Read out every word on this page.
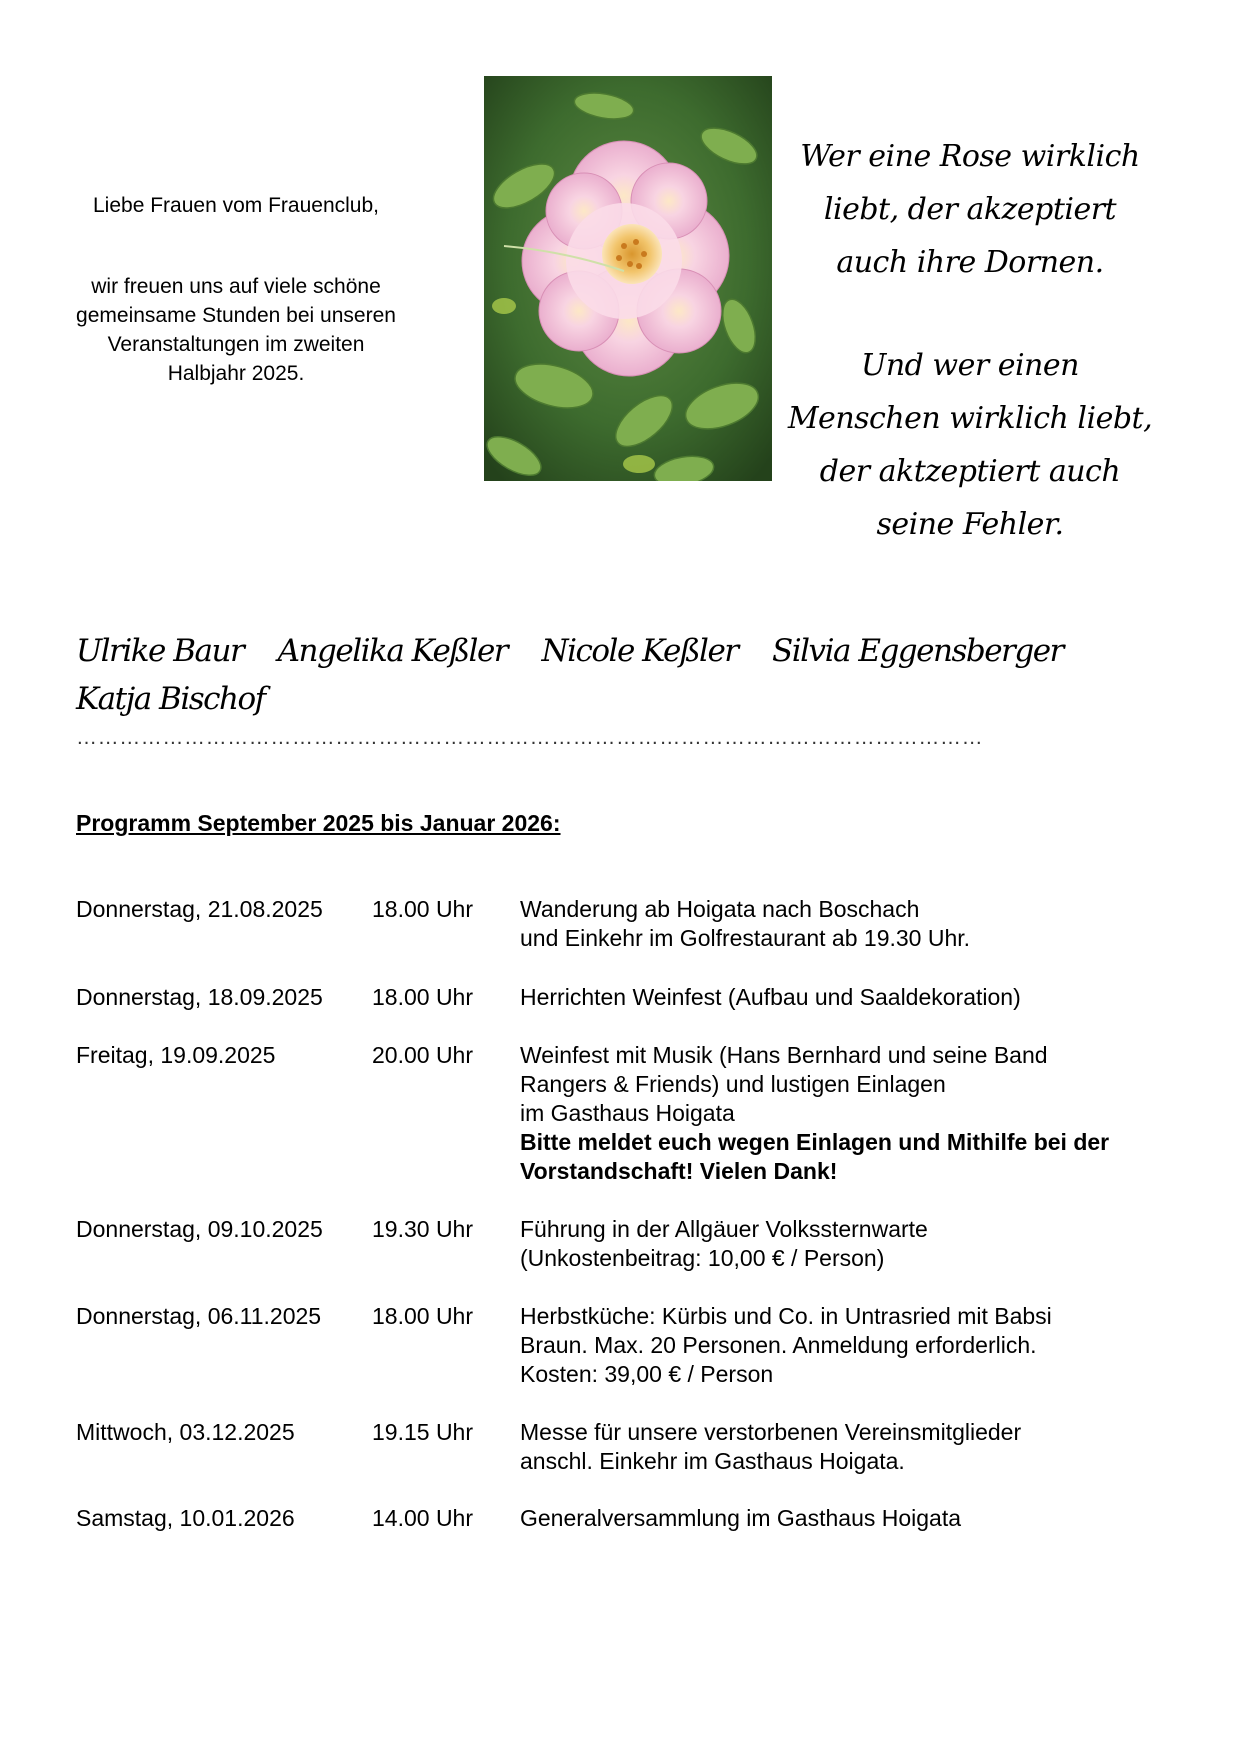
Liebe Frauen vom Frauenclub,

wir freuen uns auf viele schöne

gemeinsame Stunden bei unseren

Veranstaltungen im zweiten

Halbjahr 2025.

Wer eine Rose wirklich

liebt, der akzeptiert

auch ihre Dornen.

Und wer einen

Menschen wirklich liebt,

der aktzeptiert auch

seine Fehler.

Ulrike Baur Angelika Keßler Nicole Keßler Silvia Eggensberger Katja Bischof
………………………………………………………………………………………………………………
Programm September 2025 bis Januar 2026:
Donnerstag, 21.08.2025	18.00 Uhr	Wanderung ab Hoigata nach Boschach
und Einkehr im Golfrestaurant ab 19.30 Uhr.
Donnerstag, 18.09.2025	18.00 Uhr	Herrichten Weinfest (Aufbau und Saaldekoration)
Freitag, 19.09.2025	20.00 Uhr	Weinfest mit Musik (Hans Bernhard und seine Band
Rangers & Friends) und lustigen Einlagen
im Gasthaus Hoigata
Bitte meldet euch wegen Einlagen und Mithilfe bei der
Vorstandschaft! Vielen Dank!
Donnerstag, 09.10.2025	19.30 Uhr	Führung in der Allgäuer Volkssternwarte
(Unkostenbeitrag: 10,00 € / Person)
Donnerstag, 06.11.2025	18.00 Uhr	Herbstküche: Kürbis und Co. in Untrasried mit Babsi
Braun. Max. 20 Personen. Anmeldung erforderlich.
Kosten: 39,00 € / Person
Mittwoch, 03.12.2025	19.15 Uhr	Messe für unsere verstorbenen Vereinsmitglieder
anschl. Einkehr im Gasthaus Hoigata.
Samstag, 10.01.2026	14.00 Uhr	Generalversammlung im Gasthaus Hoigata
